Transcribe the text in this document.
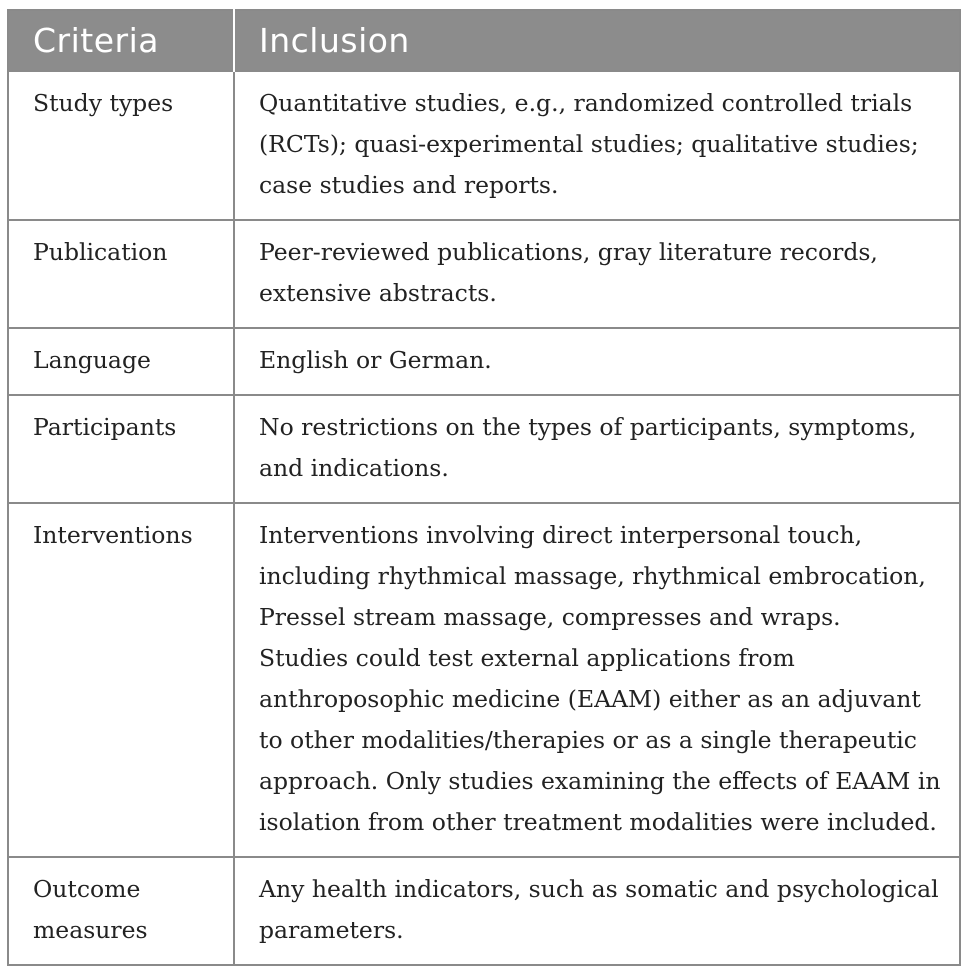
Criteria	Inclusion
Study types	Quantitative studies, e.g., randomized controlled trials (RCTs); quasi-experimental studies; qualitative studies; case studies and reports.

Publication	Peer-reviewed publications, gray literature records, extensive abstracts.

Language	English or German.

Participants	No restrictions on the types of participants, symptoms, and indications.

Interventions	Interventions involving direct interpersonal touch, including rhythmical massage, rhythmical embrocation, Pressel stream massage, compresses and wraps.
Studies could test external applications from anthroposophic medicine (EAAM) either as an adjuvant to other modalities/therapies or as a single therapeutic approach. Only studies examining the effects of EAAM in isolation from other treatment modalities were included.

Outcome measures	Any health indicators, such as somatic and psychological parameters.
